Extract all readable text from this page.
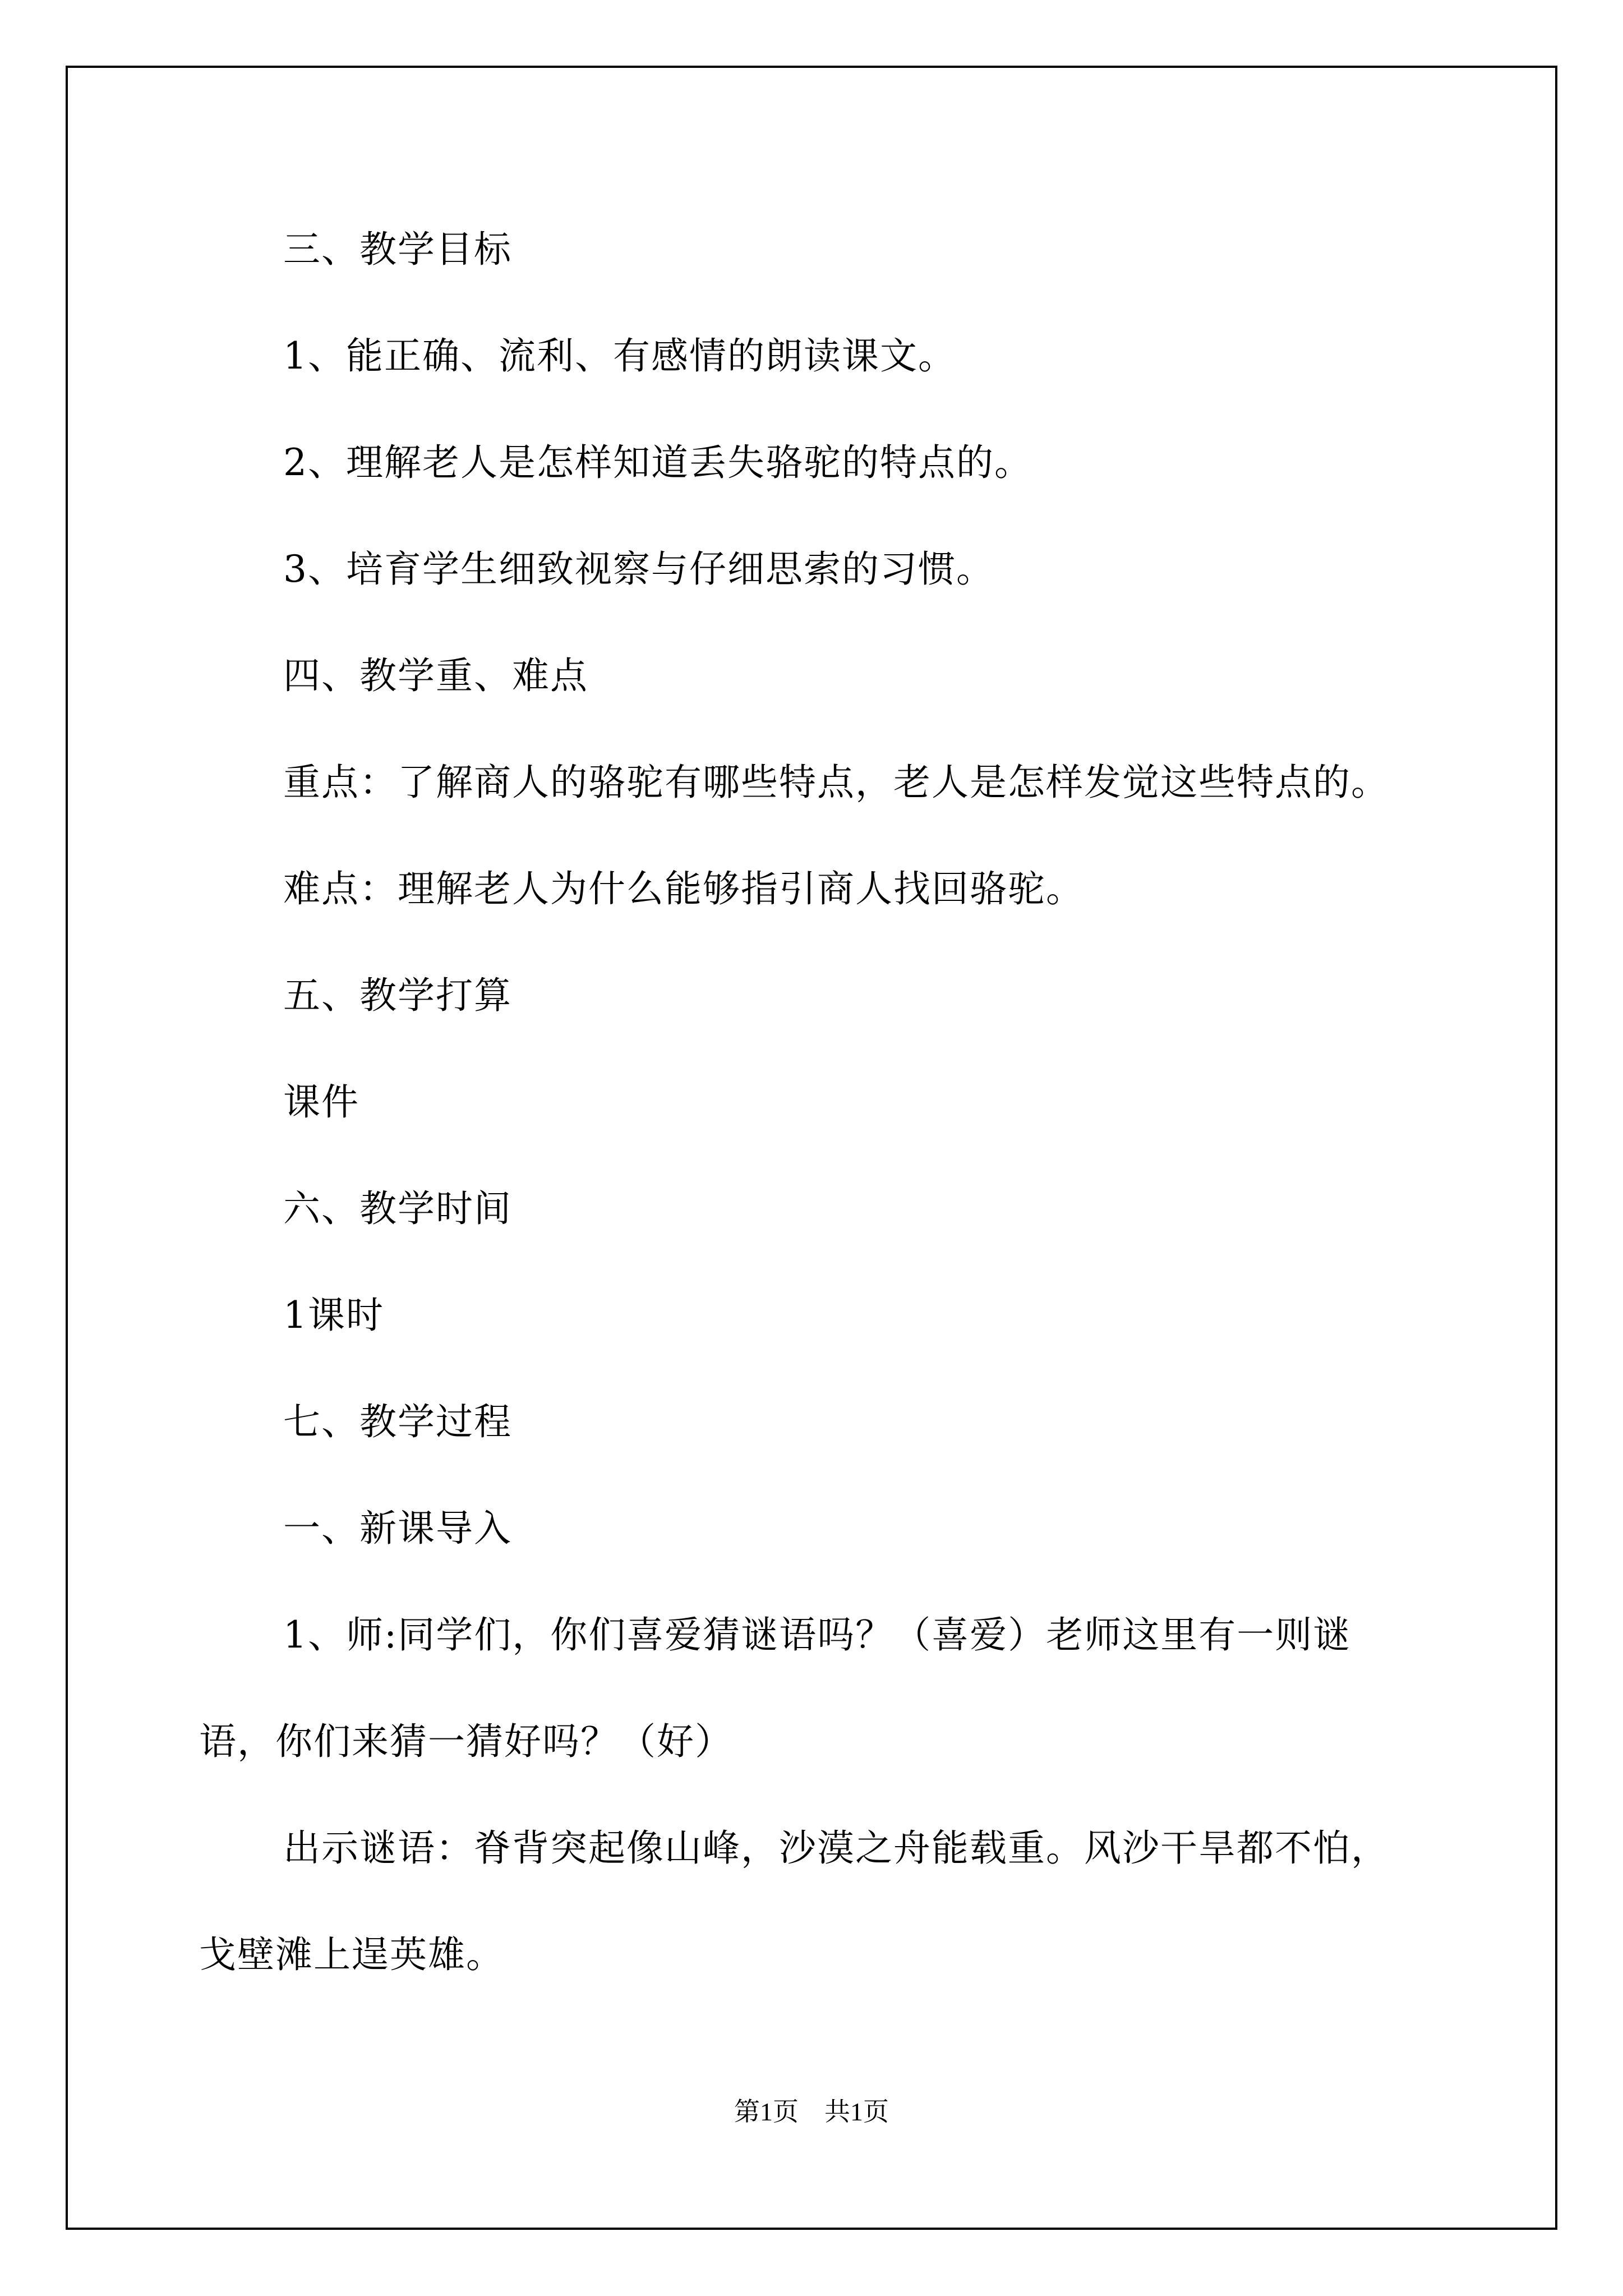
三、教学目标
1、能正确、流利、有感情的朗读课文。
2、理解老人是怎样知道丢失骆驼的特点的。
3、培育学生细致视察与仔细思索的习惯。
四、教学重、难点
重点：了解商人的骆驼有哪些特点，老人是怎样发觉这些特点的。
难点：理解老人为什么能够指引商人找回骆驼。
五、教学打算
课件
六、教学时间
1课时
七、教学过程
一、新课导入
1、师:同学们，你们喜爱猜谜语吗？（喜爱）老师这里有一则谜
语，你们来猜一猜好吗？（好）
出示谜语：脊背突起像山峰，沙漠之舟能载重。风沙干旱都不怕，
戈壁滩上逞英雄。
第1页　共1页
